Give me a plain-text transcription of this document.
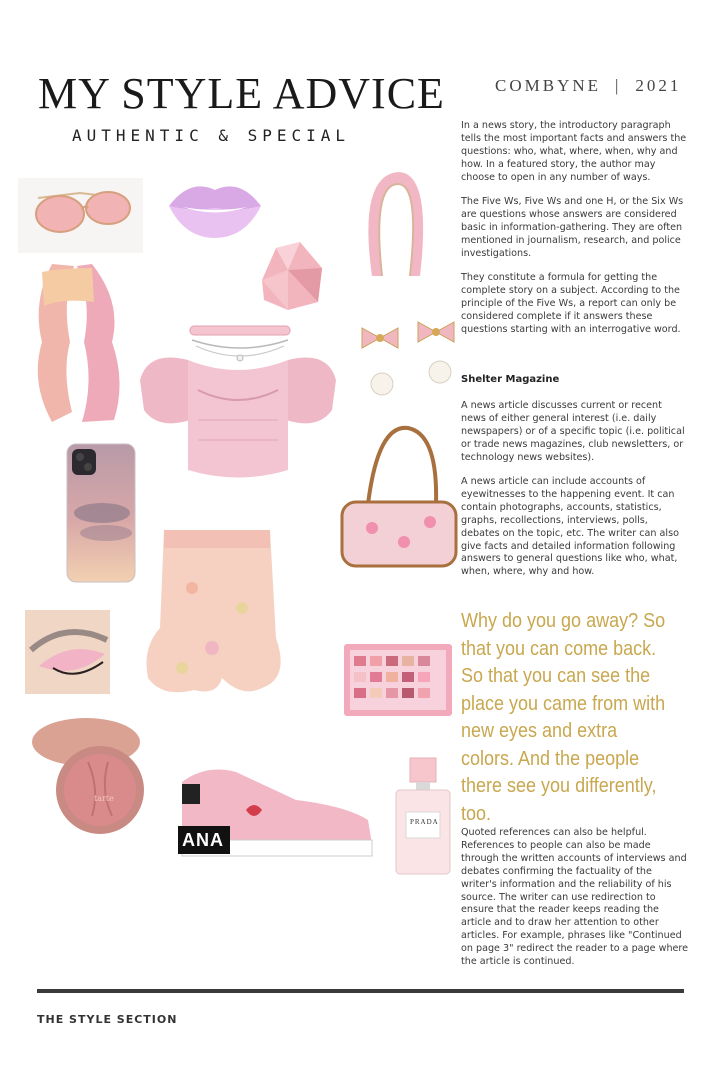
MY STYLE ADVICE
AUTHENTIC & SPECIAL
COMBYNE | 2021
tarte
ANA
PRADA
In a news story, the introductory paragraph tells the most important facts and answers the questions: who, what, where, when, why and how. In a featured story, the author may choose to open in any number of ways.
The Five Ws, Five Ws and one H, or the Six Ws are questions whose answers are considered basic in information-gathering. They are often mentioned in journalism, research, and police investigations.
They constitute a formula for getting the complete story on a subject. According to the principle of the Five Ws, a report can only be considered complete if it answers these questions starting with an interrogative word.
Shelter Magazine
A news article discusses current or recent news of either general interest (i.e. daily newspapers) or of a specific topic (i.e. political or trade news magazines, club newsletters, or technology news websites).
A news article can include accounts of eyewitnesses to the happening event. It can contain photographs, accounts, statistics, graphs, recollections, interviews, polls, debates on the topic, etc. The writer can also give facts and detailed information following answers to general questions like who, what, when, where, why and how.
Why do you go away? So that you can come back. So that you can see the place you came from with new eyes and extra colors. And the people there see you differently, too.
Quoted references can also be helpful. References to people can also be made through the written accounts of interviews and debates confirming the factuality of the writer's information and the reliability of his source. The writer can use redirection to ensure that the reader keeps reading the article and to draw her attention to other articles. For example, phrases like "Continued on page 3" redirect the reader to a page where the article is continued.
THE STYLE SECTION
